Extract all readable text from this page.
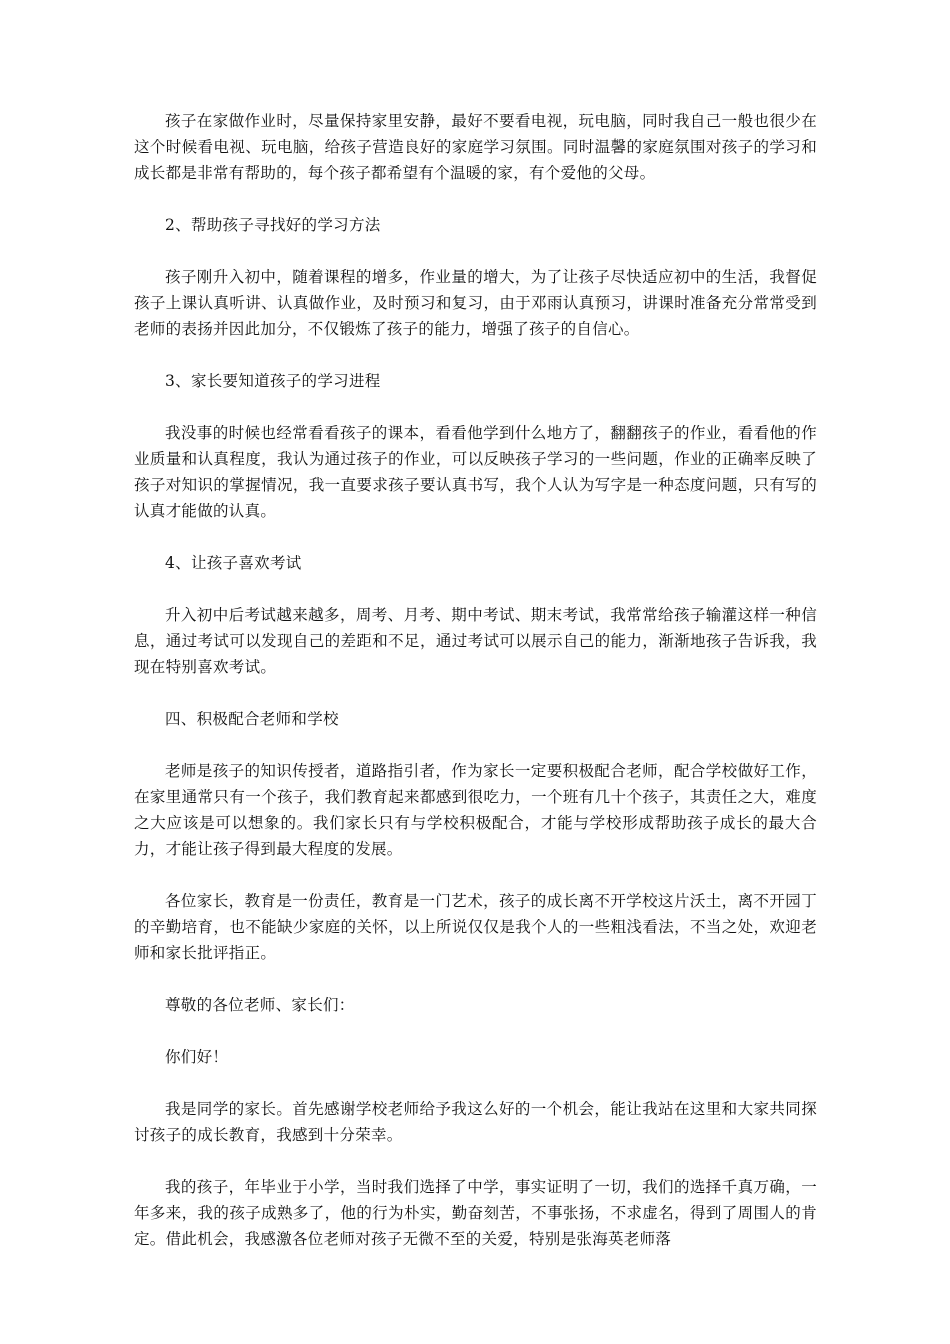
孩子在家做作业时，尽量保持家里安静，最好不要看电视，玩电脑，同时我自己一般也很少在这个时候看电视、玩电脑，给孩子营造良好的家庭学习氛围。同时温馨的家庭氛围对孩子的学习和成长都是非常有帮助的，每个孩子都希望有个温暖的家，有个爱他的父母。

2、帮助孩子寻找好的学习方法

孩子刚升入初中，随着课程的增多，作业量的增大，为了让孩子尽快适应初中的生活，我督促孩子上课认真听讲、认真做作业，及时预习和复习，由于邓雨认真预习，讲课时准备充分常常受到老师的表扬并因此加分，不仅锻炼了孩子的能力，增强了孩子的自信心。

3、家长要知道孩子的学习进程

我没事的时候也经常看看孩子的课本，看看他学到什么地方了，翻翻孩子的作业，看看他的作业质量和认真程度，我认为通过孩子的作业，可以反映孩子学习的一些问题，作业的正确率反映了孩子对知识的掌握情况，我一直要求孩子要认真书写，我个人认为写字是一种态度问题，只有写的认真才能做的认真。

4、让孩子喜欢考试

升入初中后考试越来越多，周考、月考、期中考试、期末考试，我常常给孩子输灌这样一种信息，通过考试可以发现自己的差距和不足，通过考试可以展示自己的能力，渐渐地孩子告诉我，我现在特别喜欢考试。

四、积极配合老师和学校

老师是孩子的知识传授者，道路指引者，作为家长一定要积极配合老师，配合学校做好工作，在家里通常只有一个孩子，我们教育起来都感到很吃力，一个班有几十个孩子，其责任之大，难度之大应该是可以想象的。我们家长只有与学校积极配合，才能与学校形成帮助孩子成长的最大合力，才能让孩子得到最大程度的发展。

各位家长，教育是一份责任，教育是一门艺术，孩子的成长离不开学校这片沃土，离不开园丁的辛勤培育，也不能缺少家庭的关怀，以上所说仅仅是我个人的一些粗浅看法，不当之处，欢迎老师和家长批评指正。

尊敬的各位老师、家长们：

你们好！

我是同学的家长。首先感谢学校老师给予我这么好的一个机会，能让我站在这里和大家共同探讨孩子的成长教育，我感到十分荣幸。

我的孩子，年毕业于小学，当时我们选择了中学，事实证明了一切，我们的选择千真万确，一年多来，我的孩子成熟多了，他的行为朴实，勤奋刻苦，不事张扬，不求虚名，得到了周围人的肯定。借此机会，我感激各位老师对孩子无微不至的关爱，特别是张海英老师落
